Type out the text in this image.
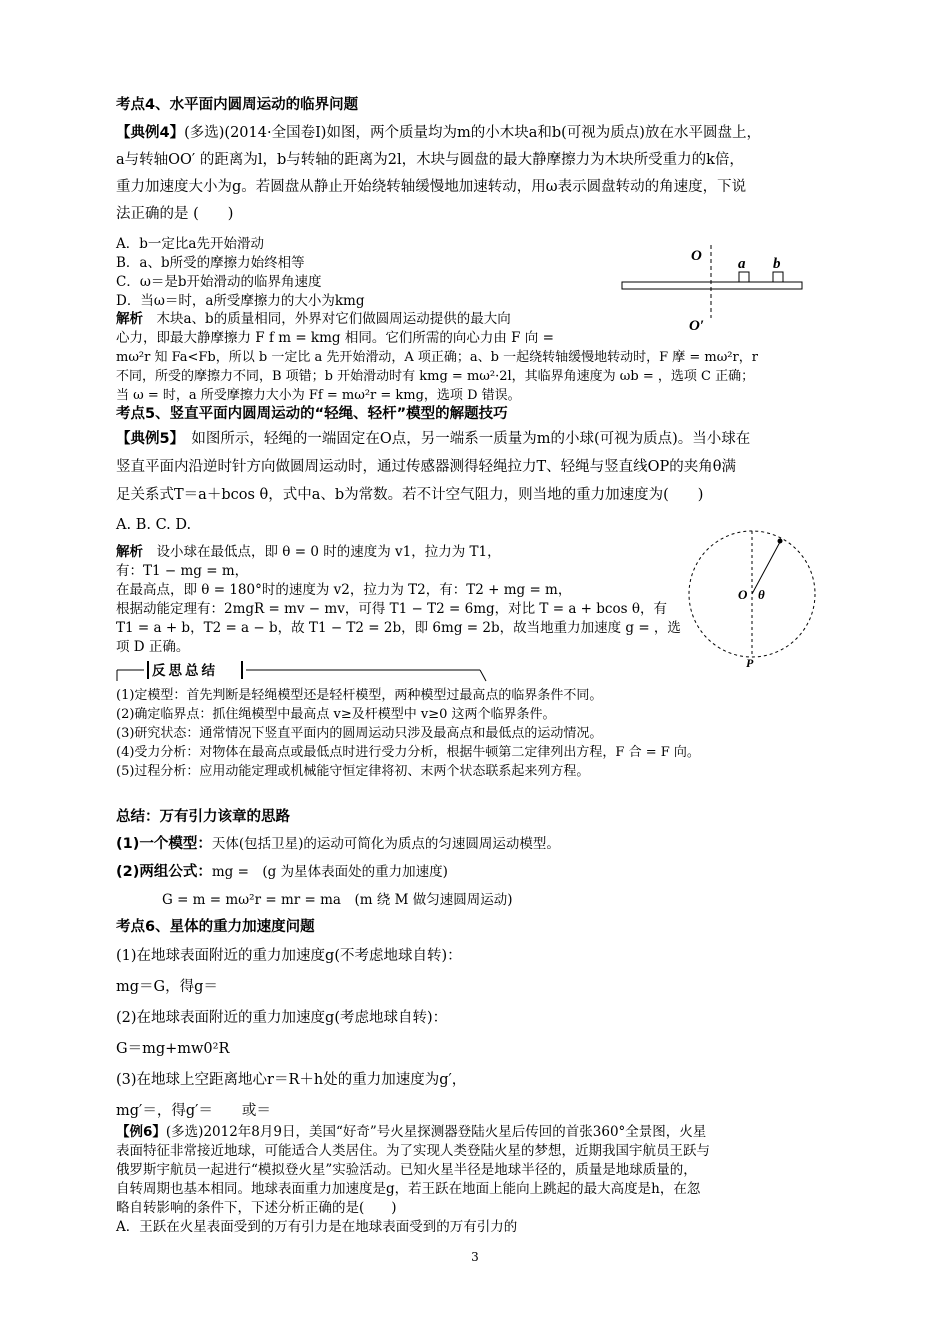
考点4、水平面内圆周运动的临界问题

【典例4】(多选)(2014·全国卷Ⅰ)如图，两个质量均为m的小木块a和b(可视为质点)放在水平圆盘上，

a与转轴OO′ 的距离为l，b与转轴的距离为2l，木块与圆盘的最大静摩擦力为木块所受重力的k倍，

重力加速度大小为g。若圆盘从静止开始绕转轴缓慢地加速转动，用ω表示圆盘转动的角速度，下说

法正确的是 (　　)

A．b一定比a先开始滑动

B．a、b所受的摩擦力始终相等

C．ω＝是b开始滑动的临界角速度

D．当ω＝时，a所受摩擦力的大小为kmg

O a b
O′

解析　木块a、b的质量相同，外界对它们做圆周运动提供的最大向

心力，即最大静摩擦力 F f m = kmg 相同。它们所需的向心力由 F 向 =

mω²r 知 Fa<Fb，所以 b 一定比 a 先开始滑动，A 项正确；a、b 一起绕转轴缓慢地转动时，F 摩 = mω²r，r

不同，所受的摩擦力不同，B 项错；b 开始滑动时有 kmg = mω²·2l，其临界角速度为 ωb = ，选项 C 正确；

当 ω = 时，a 所受摩擦力大小为 Ff = mω²r = kmg，选项 D 错误。

考点5、竖直平面内圆周运动的“轻绳、轻杆”模型的解题技巧

【典例5】　如图所示，轻绳的一端固定在O点，另一端系一质量为m的小球(可视为质点)。当小球在

竖直平面内沿逆时针方向做圆周运动时，通过传感器测得轻绳拉力T、轻绳与竖直线OP的夹角θ满

足关系式T＝a＋bcos θ，式中a、b为常数。若不计空气阻力，则当地的重力加速度为(　　)

A. B. C. D.

解析　设小球在最低点，即 θ = 0 时的速度为 v1，拉力为 T1，

有：T1 − mg = m，

在最高点，即 θ = 180°时的速度为 v2，拉力为 T2，有：T2 + mg = m，

根据动能定理有：2mgR = mv − mv，可得 T1 − T2 = 6mg，对比 T = a + bcos θ，有

T1 = a + b，T2 = a − b，故 T1 − T2 = 2b，即 6mg = 2b，故当地重力加速度 g = ，选

项 D 正确。

O θ
P
反思总结

(1)定模型：首先判断是轻绳模型还是轻杆模型，两种模型过最高点的临界条件不同。

(2)确定临界点：抓住绳模型中最高点 v≥及杆模型中 v≥0 这两个临界条件。

(3)研究状态：通常情况下竖直平面内的圆周运动只涉及最高点和最低点的运动情况。

(4)受力分析：对物体在最高点或最低点时进行受力分析，根据牛顿第二定律列出方程，F 合 = F 向。

(5)过程分析：应用动能定理或机械能守恒定律将初、末两个状态联系起来列方程。

总结：万有引力该章的思路

(1)一个模型：天体(包括卫星)的运动可简化为质点的匀速圆周运动模型。

(2)两组公式：mg =　(g 为星体表面处的重力加速度)

G = m = mω²r = mr = ma　(m 绕 M 做匀速圆周运动)

考点6、星体的重力加速度问题

(1)在地球表面附近的重力加速度g(不考虑地球自转)：

mg＝G，得g＝

(2)在地球表面附近的重力加速度g(考虑地球自转)：

G＝mg+mw0²R

(3)在地球上空距离地心r＝R＋h处的重力加速度为g′，

mg′＝，得g′＝　　或＝

【例6】(多选)2012年8月9日，美国“好奇”号火星探测器登陆火星后传回的首张360°全景图，火星

表面特征非常接近地球，可能适合人类居住。为了实现人类登陆火星的梦想，近期我国宇航员王跃与

俄罗斯宇航员一起进行“模拟登火星”实验活动。已知火星半径是地球半径的，质量是地球质量的，

自转周期也基本相同。地球表面重力加速度是g，若王跃在地面上能向上跳起的最大高度是h，在忽

略自转影响的条件下，下述分析正确的是(　　)

A．王跃在火星表面受到的万有引力是在地球表面受到的万有引力的

3
